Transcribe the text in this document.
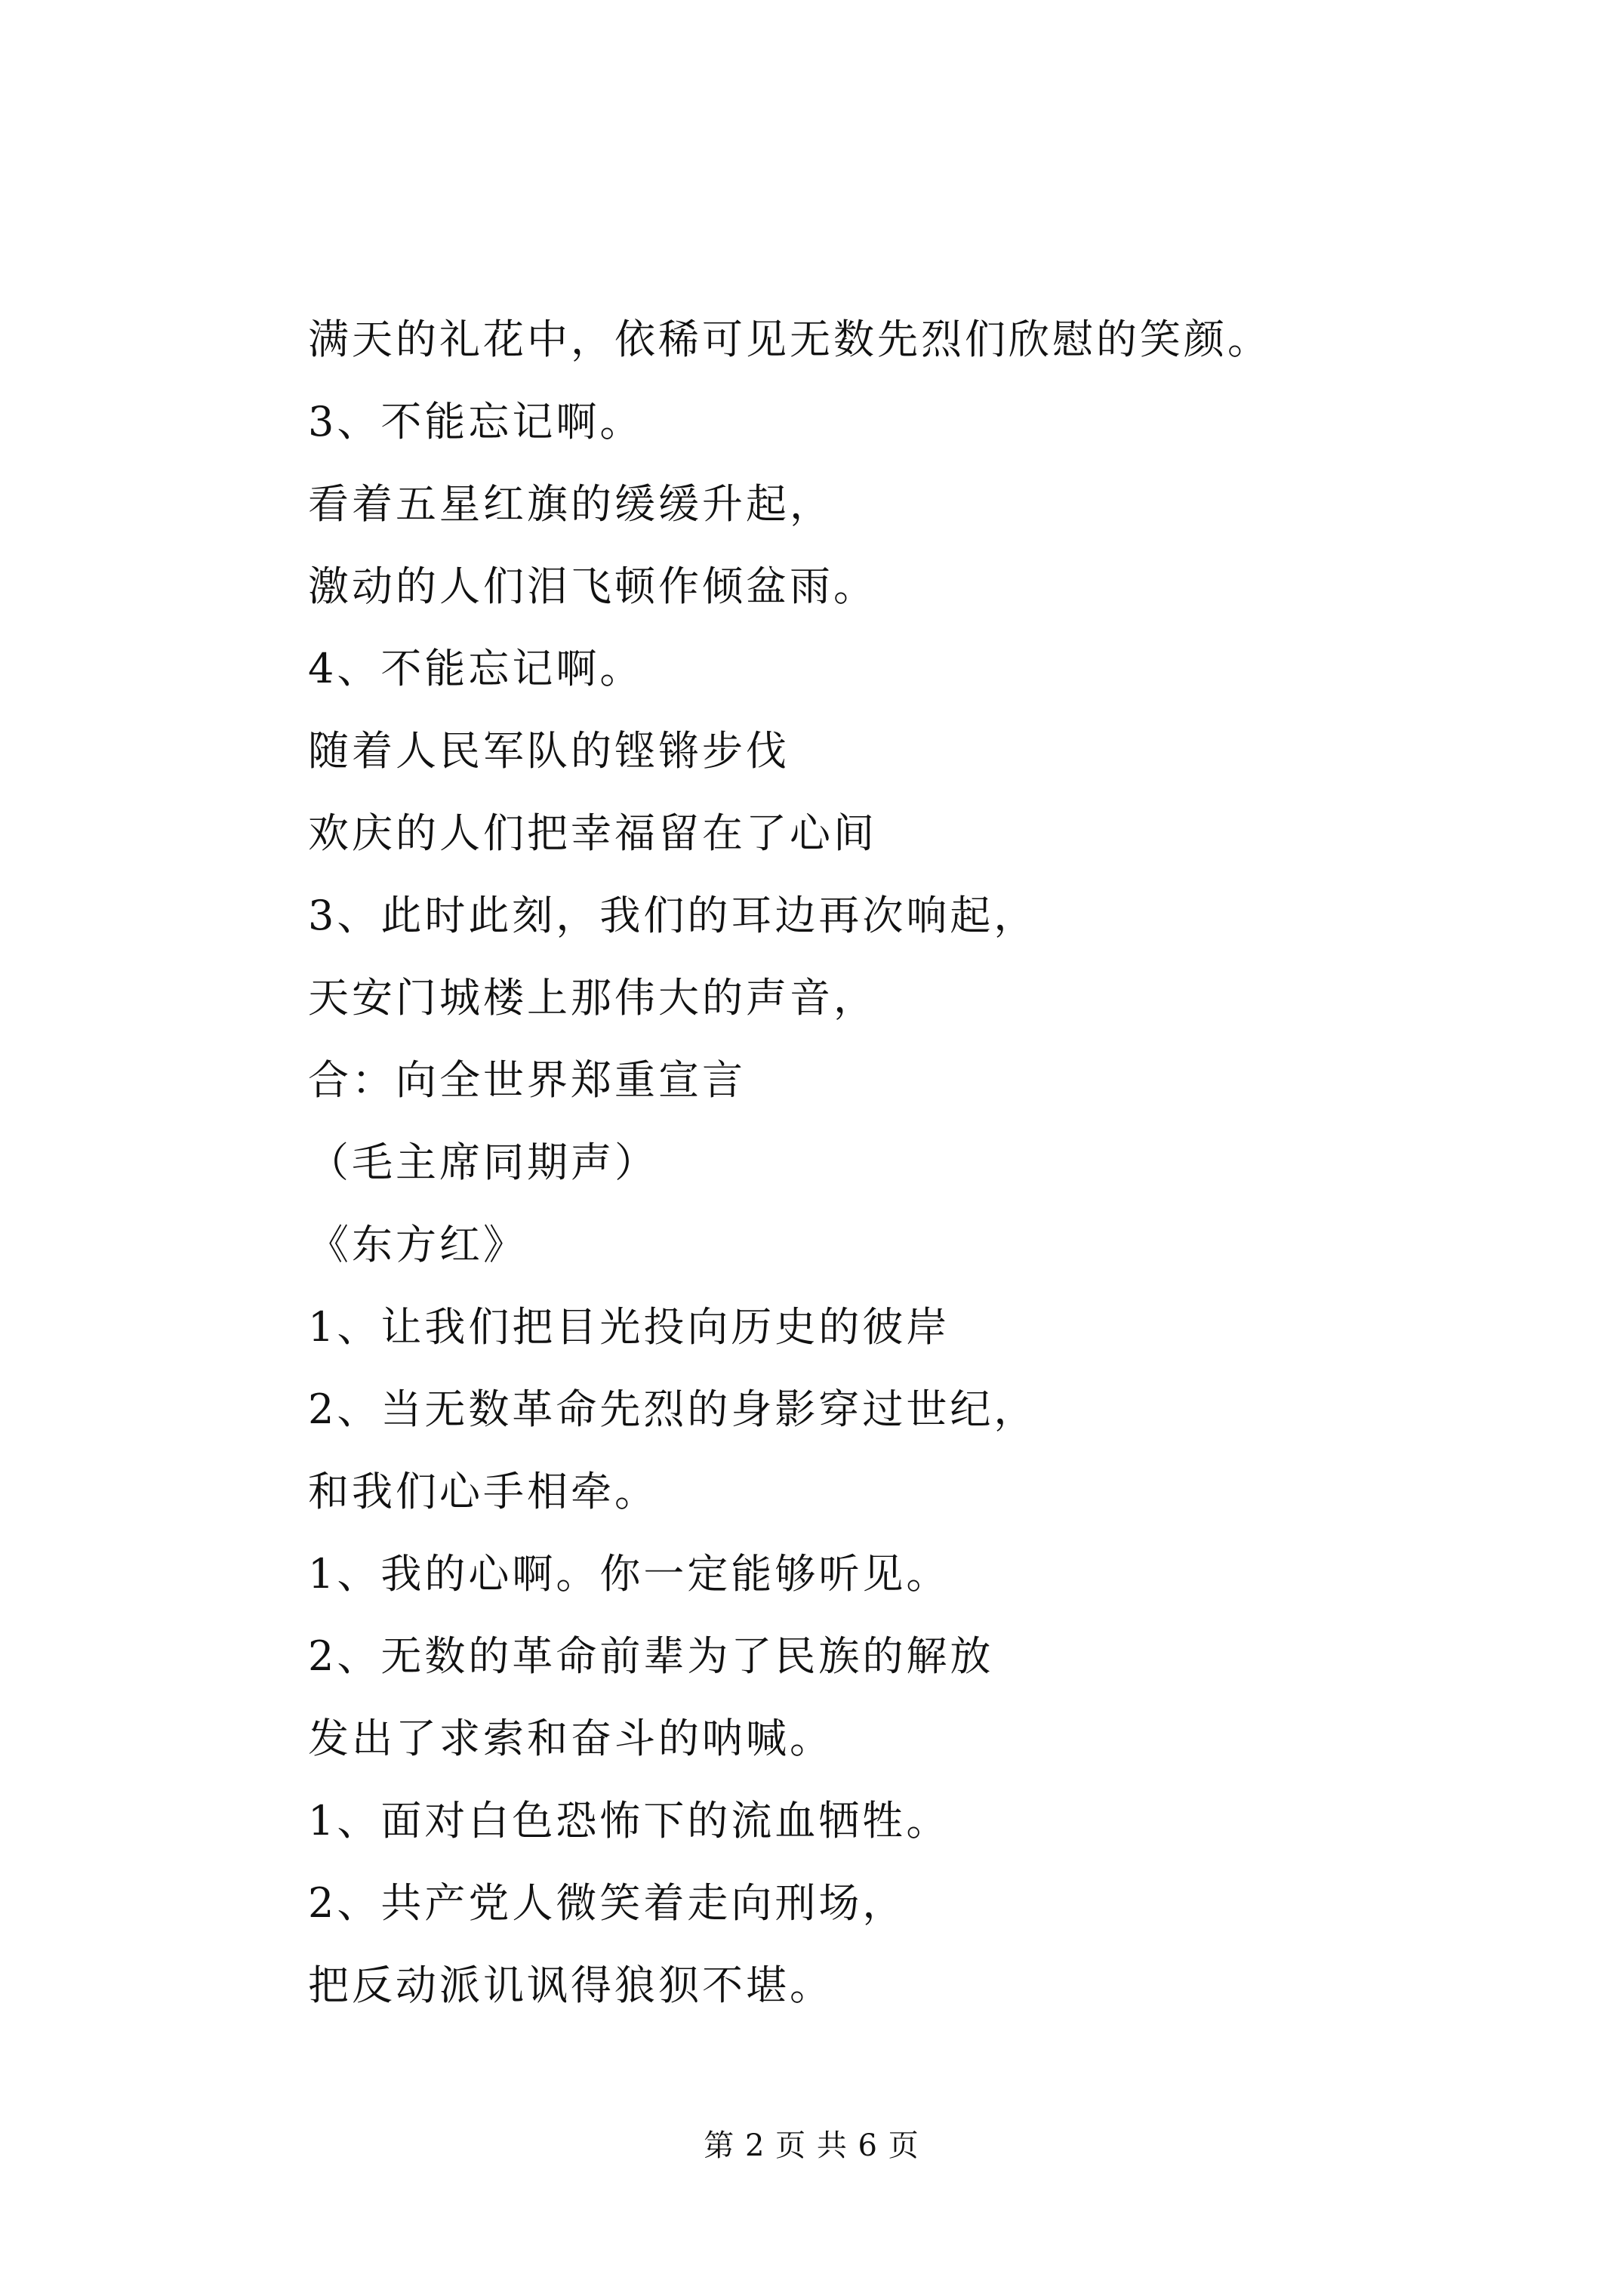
满天的礼花中，依稀可见无数先烈们欣慰的笑颜。
3、不能忘记啊。
看着五星红旗的缓缓升起，
激动的人们泪飞顿作倾盆雨。
4、不能忘记啊。
随着人民军队的铿锵步伐
欢庆的人们把幸福留在了心间
3、此时此刻，我们的耳边再次响起，
天安门城楼上那伟大的声音，
合：向全世界郑重宣言
（毛主席同期声）
《东方红》
1、让我们把目光投向历史的彼岸
2、当无数革命先烈的身影穿过世纪，
和我们心手相牵。
1、我的心啊。你一定能够听见。
2、无数的革命前辈为了民族的解放
发出了求索和奋斗的呐喊。
1、面对白色恐怖下的流血牺牲。
2、共产党人微笑着走向刑场，
把反动派讥讽得狼狈不堪。
第 2 页 共 6 页
